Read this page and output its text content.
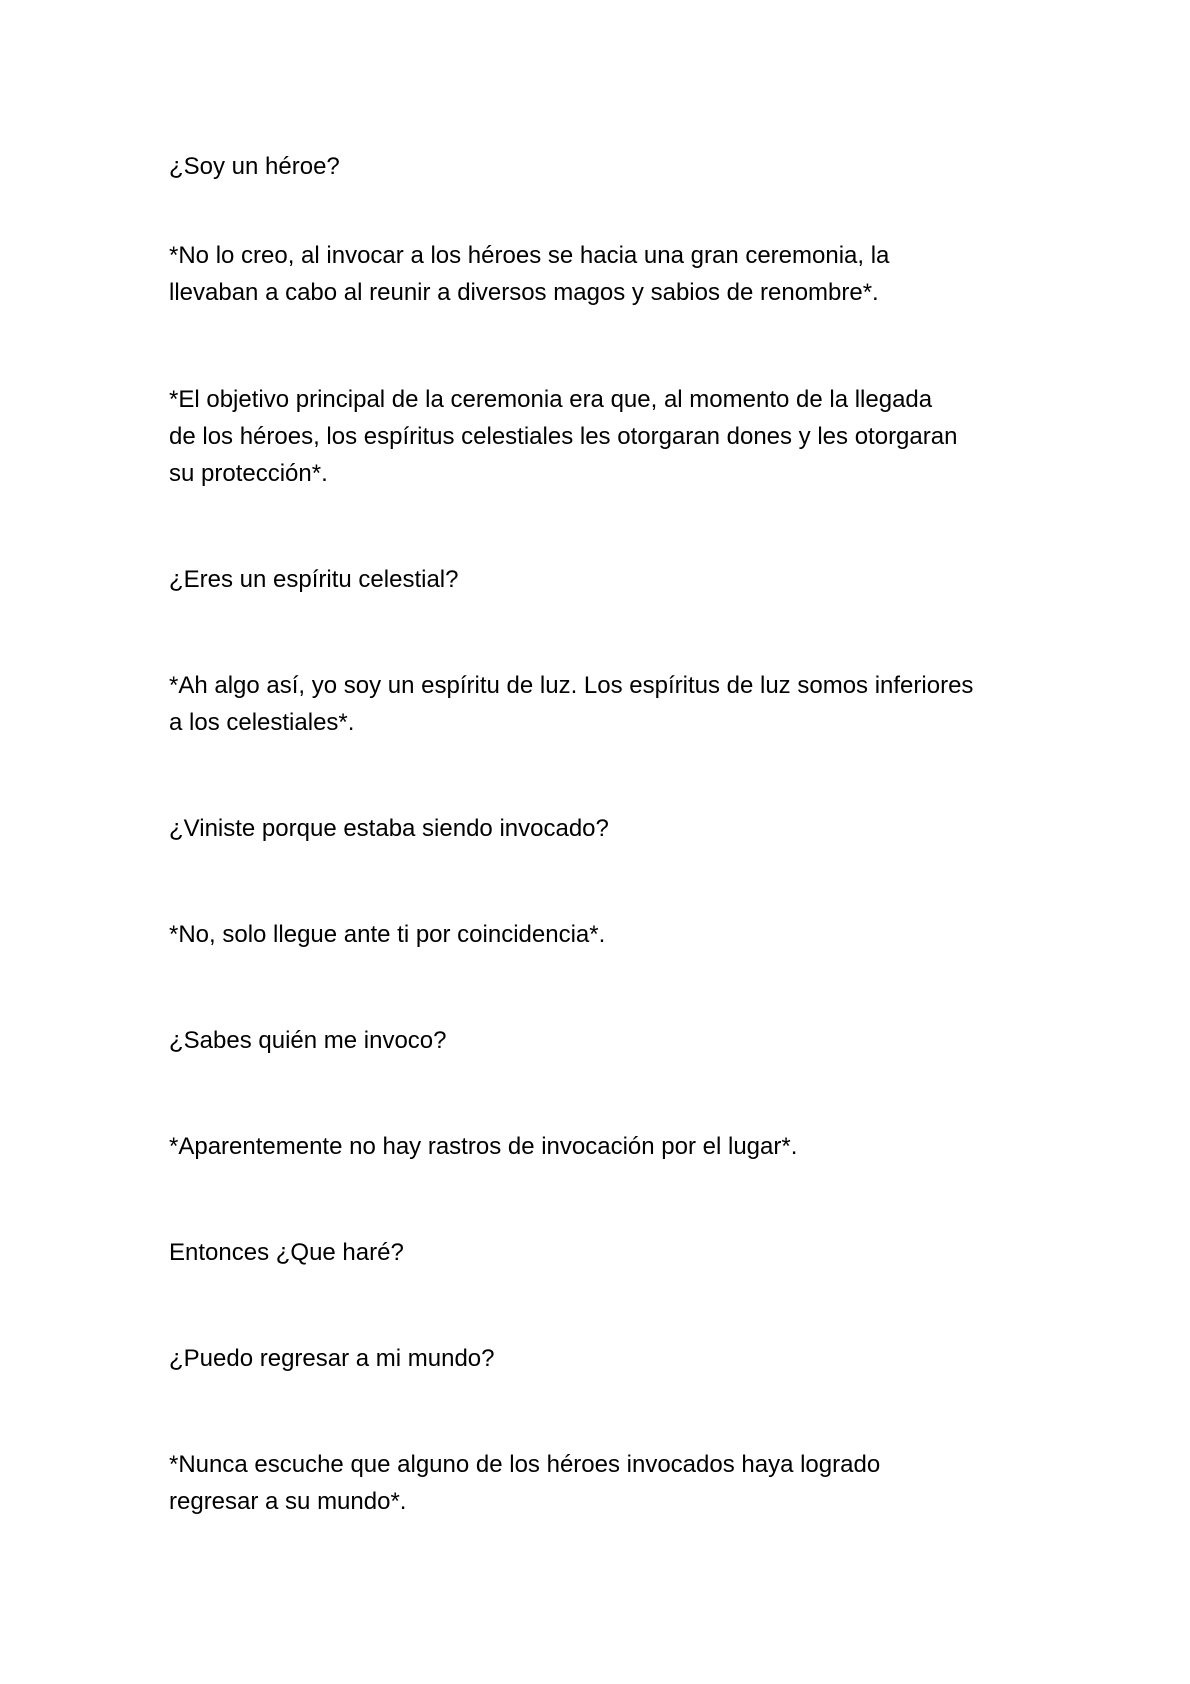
¿Soy un héroe?

*No lo creo, al invocar a los héroes se hacia una gran ceremonia, la
llevaban a cabo al reunir a diversos magos y sabios de renombre*.

*El objetivo principal de la ceremonia era que, al momento de la llegada
de los héroes, los espíritus celestiales les otorgaran dones y les otorgaran
su protección*.

¿Eres un espíritu celestial?

*Ah algo así, yo soy un espíritu de luz. Los espíritus de luz somos inferiores
a los celestiales*.

¿Viniste porque estaba siendo invocado?

*No, solo llegue ante ti por coincidencia*.

¿Sabes quién me invoco?

*Aparentemente no hay rastros de invocación por el lugar*.

Entonces ¿Que haré?

¿Puedo regresar a mi mundo?

*Nunca escuche que alguno de los héroes invocados haya logrado
regresar a su mundo*.
